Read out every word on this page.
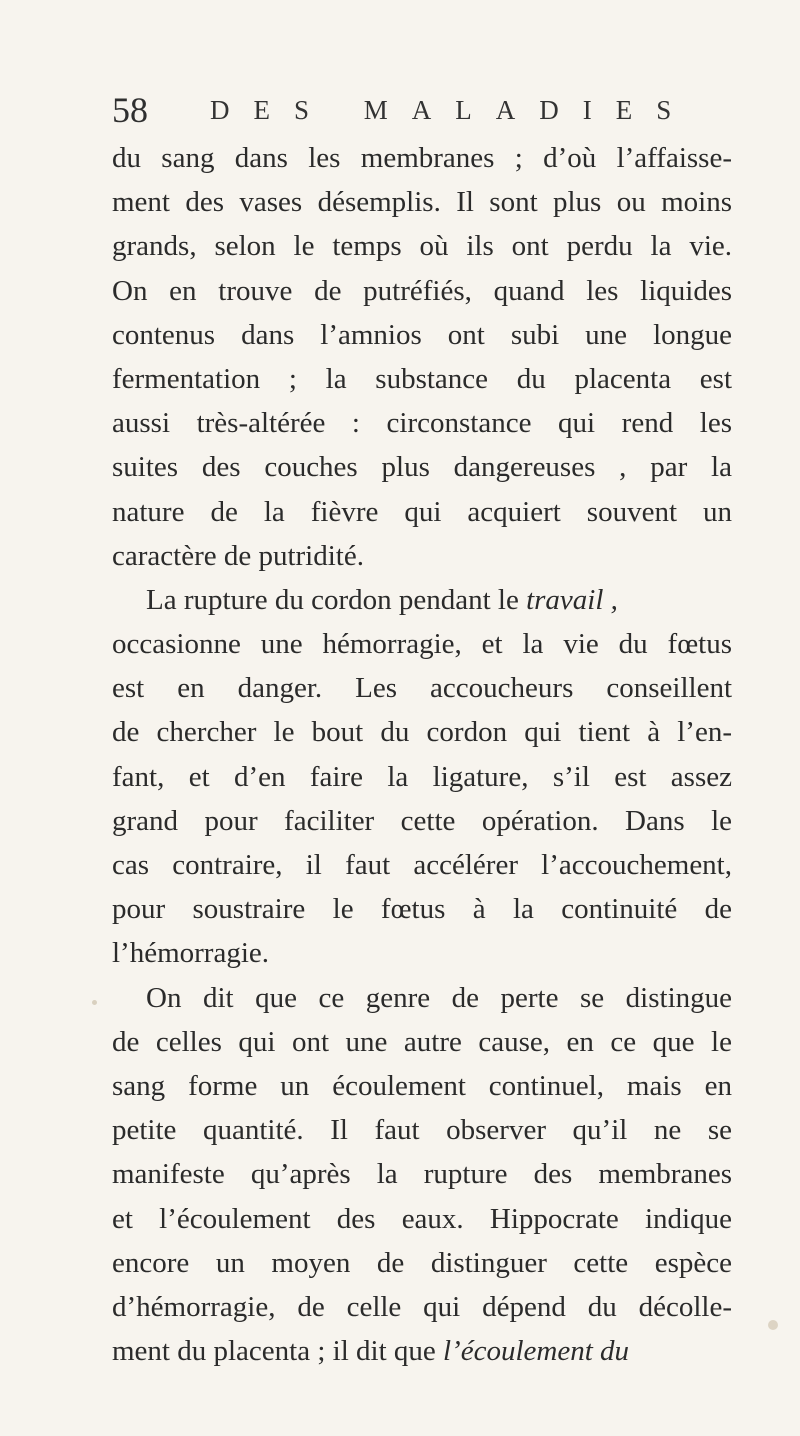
58 DES MALADIES
du sang dans les membranes ; d’où l’affaisse-
ment des vases désemplis. Il sont plus ou moins
grands, selon le temps où ils ont perdu la vie.
On en trouve de putréfiés, quand les liquides
contenus dans l’amnios ont subi une longue
fermentation ; la substance du placenta est
aussi très-altérée : circonstance qui rend les
suites des couches plus dangereuses , par la
nature de la fièvre qui acquiert souvent un
caractère de putridité.
La rupture du cordon pendant le travail ,
occasionne une hémorragie, et la vie du fœtus
est en danger. Les accoucheurs conseillent
de chercher le bout du cordon qui tient à l’en-
fant, et d’en faire la ligature, s’il est assez
grand pour faciliter cette opération. Dans le
cas contraire, il faut accélérer l’accouchement,
pour soustraire le fœtus à la continuité de
l’hémorragie.
On dit que ce genre de perte se distingue
de celles qui ont une autre cause, en ce que le
sang forme un écoulement continuel, mais en
petite quantité. Il faut observer qu’il ne se
manifeste qu’après la rupture des membranes
et l’écoulement des eaux. Hippocrate indique
encore un moyen de distinguer cette espèce
d’hémorragie, de celle qui dépend du décolle-
ment du placenta ; il dit que l’écoulement du
